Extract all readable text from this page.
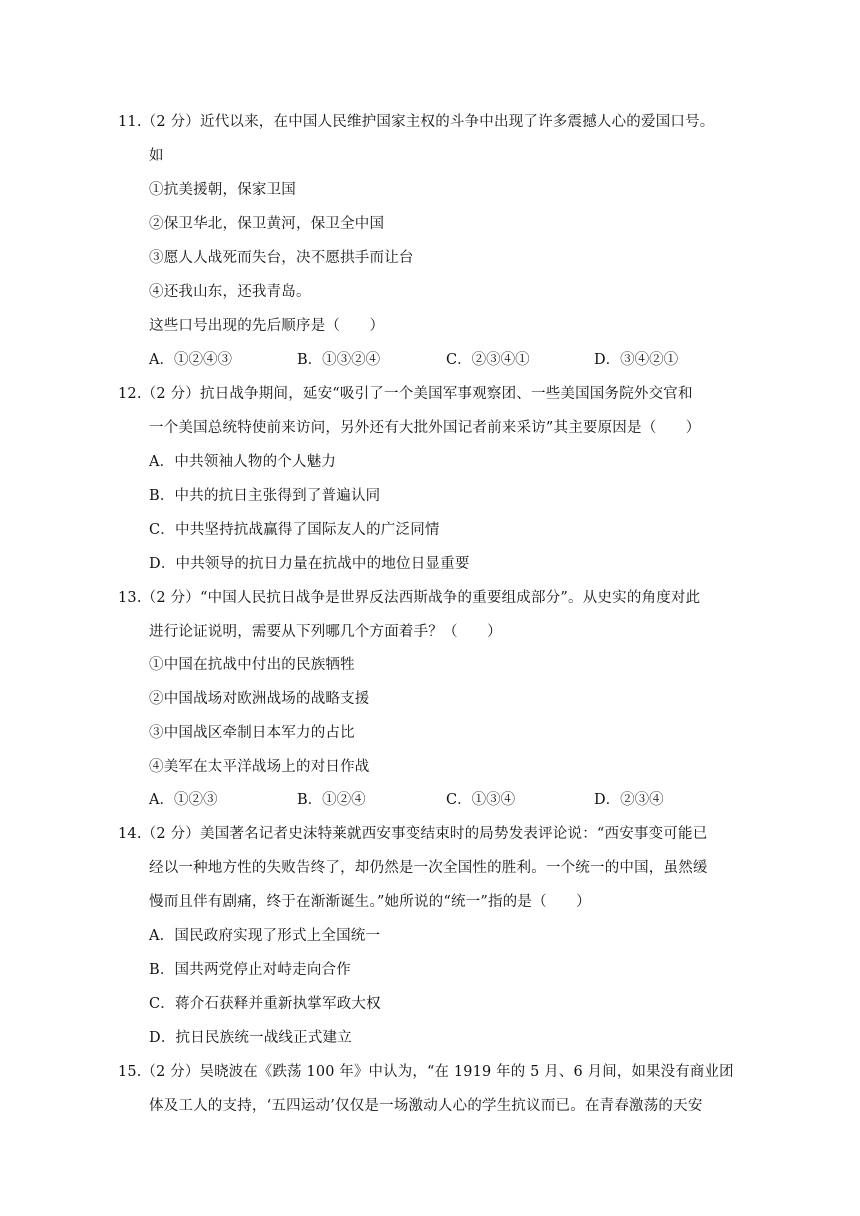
11.（2 分）近代以来，在中国人民维护国家主权的斗争中出现了许多震撼人心的爱国口号。
如
①抗美援朝，保家卫国
②保卫华北，保卫黄河，保卫全中国
③愿人人战死而失台，决不愿拱手而让台
④还我山东，还我青岛。
这些口号出现的先后顺序是（　　）
A．①②④③	B．①③②④	C．②③④①	D．③④②①
12.（2 分）抗日战争期间，延安“吸引了一个美国军事观察团、一些美国国务院外交官和
一个美国总统特使前来访问，另外还有大批外国记者前来采访”其主要原因是（　　）
A．中共领袖人物的个人魅力
B．中共的抗日主张得到了普遍认同
C．中共坚持抗战赢得了国际友人的广泛同情
D．中共领导的抗日力量在抗战中的地位日显重要
13.（2 分）“中国人民抗日战争是世界反法西斯战争的重要组成部分”。从史实的角度对此
进行论证说明，需要从下列哪几个方面着手？（　　）
①中国在抗战中付出的民族牺牲
②中国战场对欧洲战场的战略支援
③中国战区牵制日本军力的占比
④美军在太平洋战场上的对日作战
A．①②③	B．①②④	C．①③④	D．②③④
14.（2 分）美国著名记者史沫特莱就西安事变结束时的局势发表评论说：“西安事变可能已
经以一种地方性的失败告终了，却仍然是一次全国性的胜利。一个统一的中国，虽然缓
慢而且伴有剧痛，终于在渐渐诞生。”她所说的“统一”指的是（　　）
A．国民政府实现了形式上全国统一
B．国共两党停止对峙走向合作
C．蒋介石获释并重新执掌军政大权
D．抗日民族统一战线正式建立
15.（2 分）吴晓波在《跌荡 100 年》中认为，“在 1919 年的 5 月、6 月间，如果没有商业团
体及工人的支持，‘五四运动’仅仅是一场激动人心的学生抗议而已。在青春激荡的天安
